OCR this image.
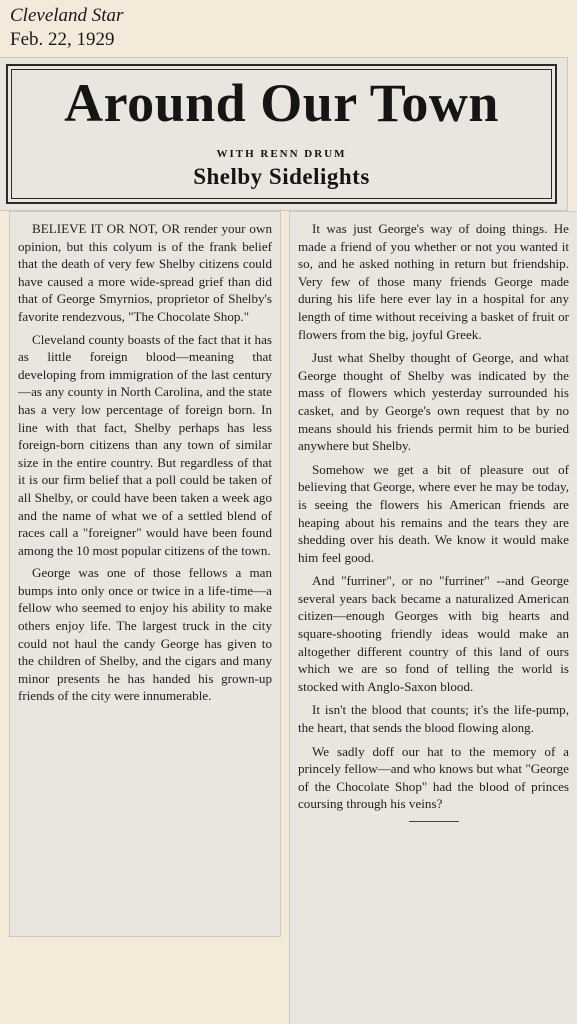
Cleveland Star
Feb. 22, 1929
Around Our Town
WITH RENN DRUM
Shelby Sidelights

BELIEVE IT OR NOT, OR render your own opinion, but this colyum is of the frank belief that the death of very few Shelby citizens could have caused a more wide-spread grief than did that of George Smyrnios, proprietor of Shelby's favorite rendezvous, "The Chocolate Shop."

Cleveland county boasts of the fact that it has as little foreign blood—meaning that developing from immigration of the last century—as any county in North Carolina, and the state has a very low percentage of foreign born. In line with that fact, Shelby perhaps has less foreign-born citizens than any town of similar size in the entire country. But regardless of that it is our firm belief that a poll could be taken of all Shelby, or could have been taken a week ago and the name of what we of a settled blend of races call a "foreigner" would have been found among the 10 most popular citizens of the town.

George was one of those fellows a man bumps into only once or twice in a life-time—a fellow who seemed to enjoy his ability to make others enjoy life. The largest truck in the city could not haul the candy George has given to the children of Shelby, and the cigars and many minor presents he has handed his grown-up friends of the city were innumerable.

It was just George's way of doing things. He made a friend of you whether or not you wanted it so, and he asked nothing in return but friendship. Very few of those many friends George made during his life here ever lay in a hospital for any length of time without receiving a basket of fruit or flowers from the big, joyful Greek.

Just what Shelby thought of George, and what George thought of Shelby was indicated by the mass of flowers which yesterday surrounded his casket, and by George's own request that by no means should his friends permit him to be buried anywhere but Shelby.

Somehow we get a bit of pleasure out of believing that George, where ever he may be today, is seeing the flowers his American friends are heaping about his remains and the tears they are shedding over his death. We know it would make him feel good.

And "furriner", or no "furriner" --and George several years back became a naturalized American citizen—enough Georges with big hearts and square-shooting friendly ideas would make an altogether different country of this land of ours which we are so fond of telling the world is stocked with Anglo-Saxon blood.

It isn't the blood that counts; it's the life-pump, the heart, that sends the blood flowing along.

We sadly doff our hat to the memory of a princely fellow—and who knows but what "George of the Chocolate Shop" had the blood of princes coursing through his veins?
